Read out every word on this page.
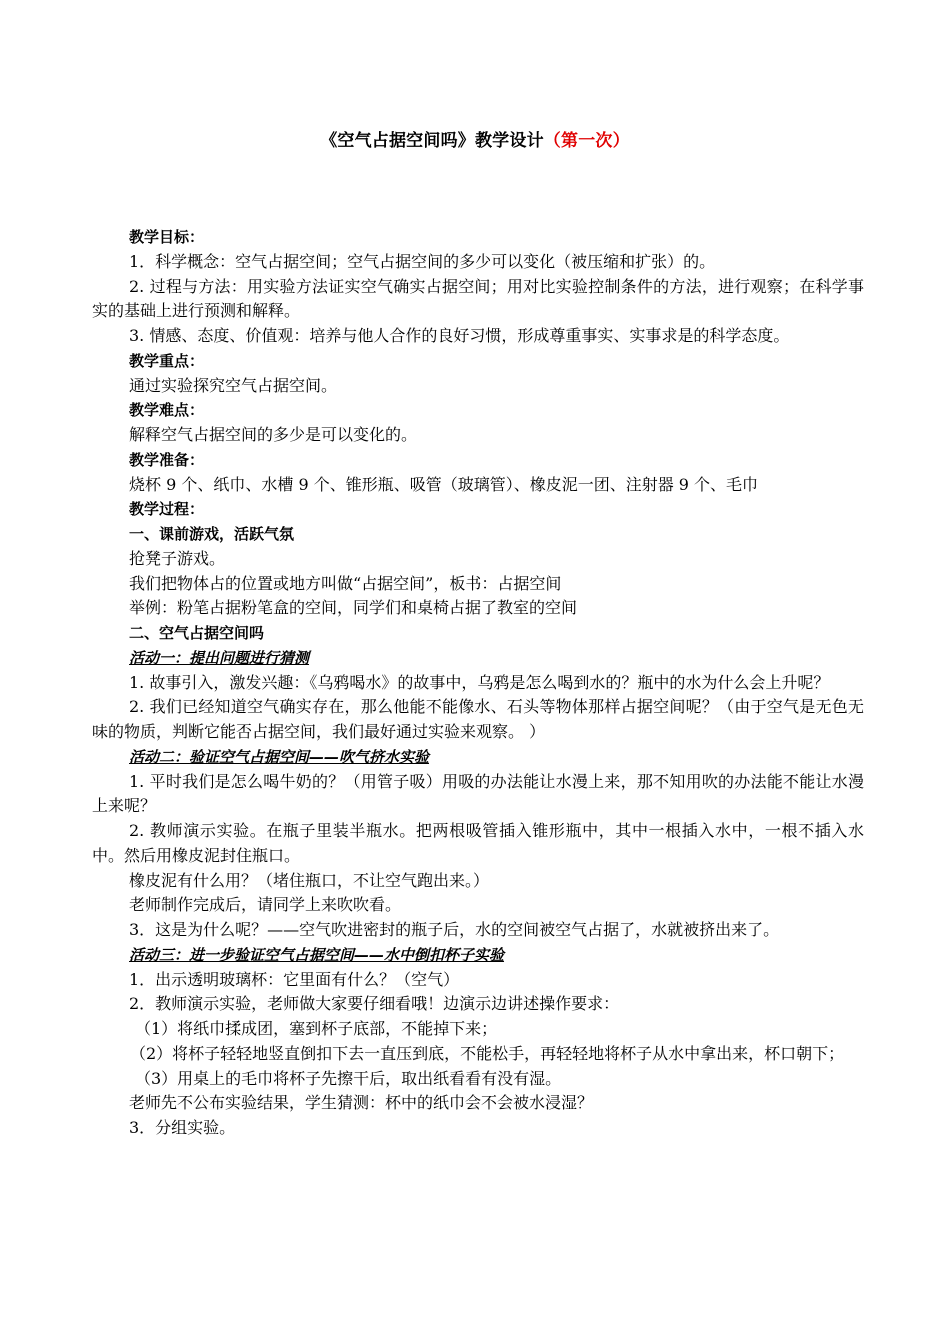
《空气占据空间吗》教学设计（第一次）

教学目标：

1．科学概念：空气占据空间；空气占据空间的多少可以变化（被压缩和扩张）的。

2. 过程与方法：用实验方法证实空气确实占据空间；用对比实验控制条件的方法，进行观察；在科学事实的基础上进行预测和解释。

3. 情感、态度、价值观：培养与他人合作的良好习惯，形成尊重事实、实事求是的科学态度。

教学重点：

通过实验探究空气占据空间。

教学难点：

解释空气占据空间的多少是可以变化的。

教学准备：

烧杯 9 个、纸巾、水槽 9 个、锥形瓶、吸管（玻璃管）、橡皮泥一团、注射器 9 个、毛巾

教学过程：

一、课前游戏，活跃气氛

抢凳子游戏。

我们把物体占的位置或地方叫做“占据空间”，板书：占据空间

举例：粉笔占据粉笔盒的空间，同学们和桌椅占据了教室的空间

二、空气占据空间吗

活动一：提出问题进行猜测

1. 故事引入，激发兴趣：《乌鸦喝水》的故事中，乌鸦是怎么喝到水的？瓶中的水为什么会上升呢？

2. 我们已经知道空气确实存在，那么他能不能像水、石头等物体那样占据空间呢？（由于空气是无色无味的物质，判断它能否占据空间，我们最好通过实验来观察。 ）

活动二：验证空气占据空间——吹气挤水实验

1. 平时我们是怎么喝牛奶的？（用管子吸）用吸的办法能让水漫上来，那不知用吹的办法能不能让水漫上来呢？

2. 教师演示实验。在瓶子里装半瓶水。把两根吸管插入锥形瓶中，其中一根插入水中，一根不插入水中。然后用橡皮泥封住瓶口。

橡皮泥有什么用？（堵住瓶口，不让空气跑出来。）

老师制作完成后，请同学上来吹吹看。

3．这是为什么呢？——空气吹进密封的瓶子后，水的空间被空气占据了，水就被挤出来了。

活动三：进一步验证空气占据空间——水中倒扣杯子实验

1．出示透明玻璃杯：它里面有什么？（空气）

2．教师演示实验，老师做大家要仔细看哦！边演示边讲述操作要求：

（1）将纸巾揉成团，塞到杯子底部，不能掉下来；

（2）将杯子轻轻地竖直倒扣下去一直压到底，不能松手，再轻轻地将杯子从水中拿出来，杯口朝下；

（3）用桌上的毛巾将杯子先擦干后，取出纸看看有没有湿。

老师先不公布实验结果，学生猜测：杯中的纸巾会不会被水浸湿？

3．分组实验。
